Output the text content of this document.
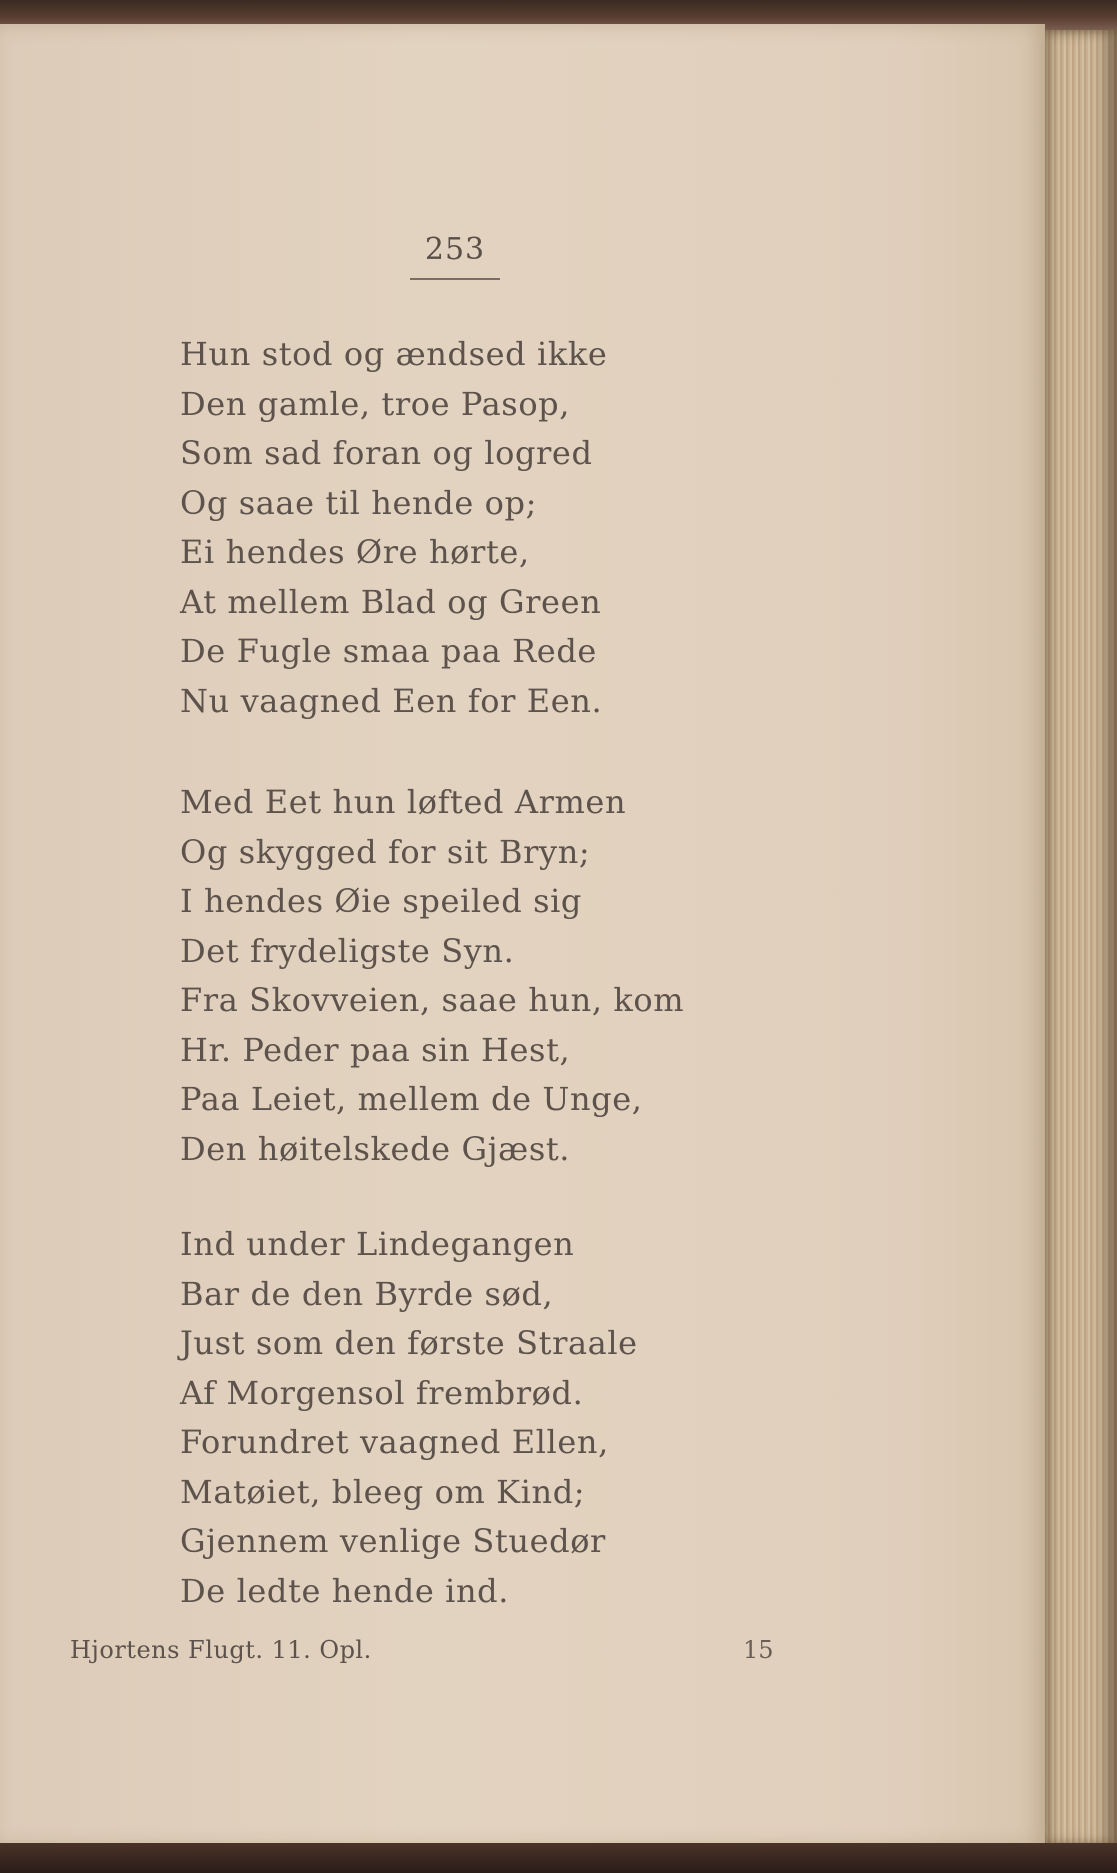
253
Hun stod og ændsed ikke
Den gamle, troe Pasop,
Som sad foran og logred
Og saae til hende op;
Ei hendes Øre hørte,
At mellem Blad og Green
De Fugle smaa paa Rede
Nu vaagned Een for Een.
Med Eet hun løfted Armen
Og skygged for sit Bryn;
I hendes Øie speiled sig
Det frydeligste Syn.
Fra Skovveien, saae hun, kom
Hr. Peder paa sin Hest,
Paa Leiet, mellem de Unge,
Den høitelskede Gjæst.
Ind under Lindegangen
Bar de den Byrde sød,
Just som den første Straale
Af Morgensol frembrød.
Forundret vaagned Ellen,
Matøiet, bleeg om Kind;
Gjennem venlige Stuedør
De ledte hende ind.
Hjortens Flugt. 11. Opl.	15
